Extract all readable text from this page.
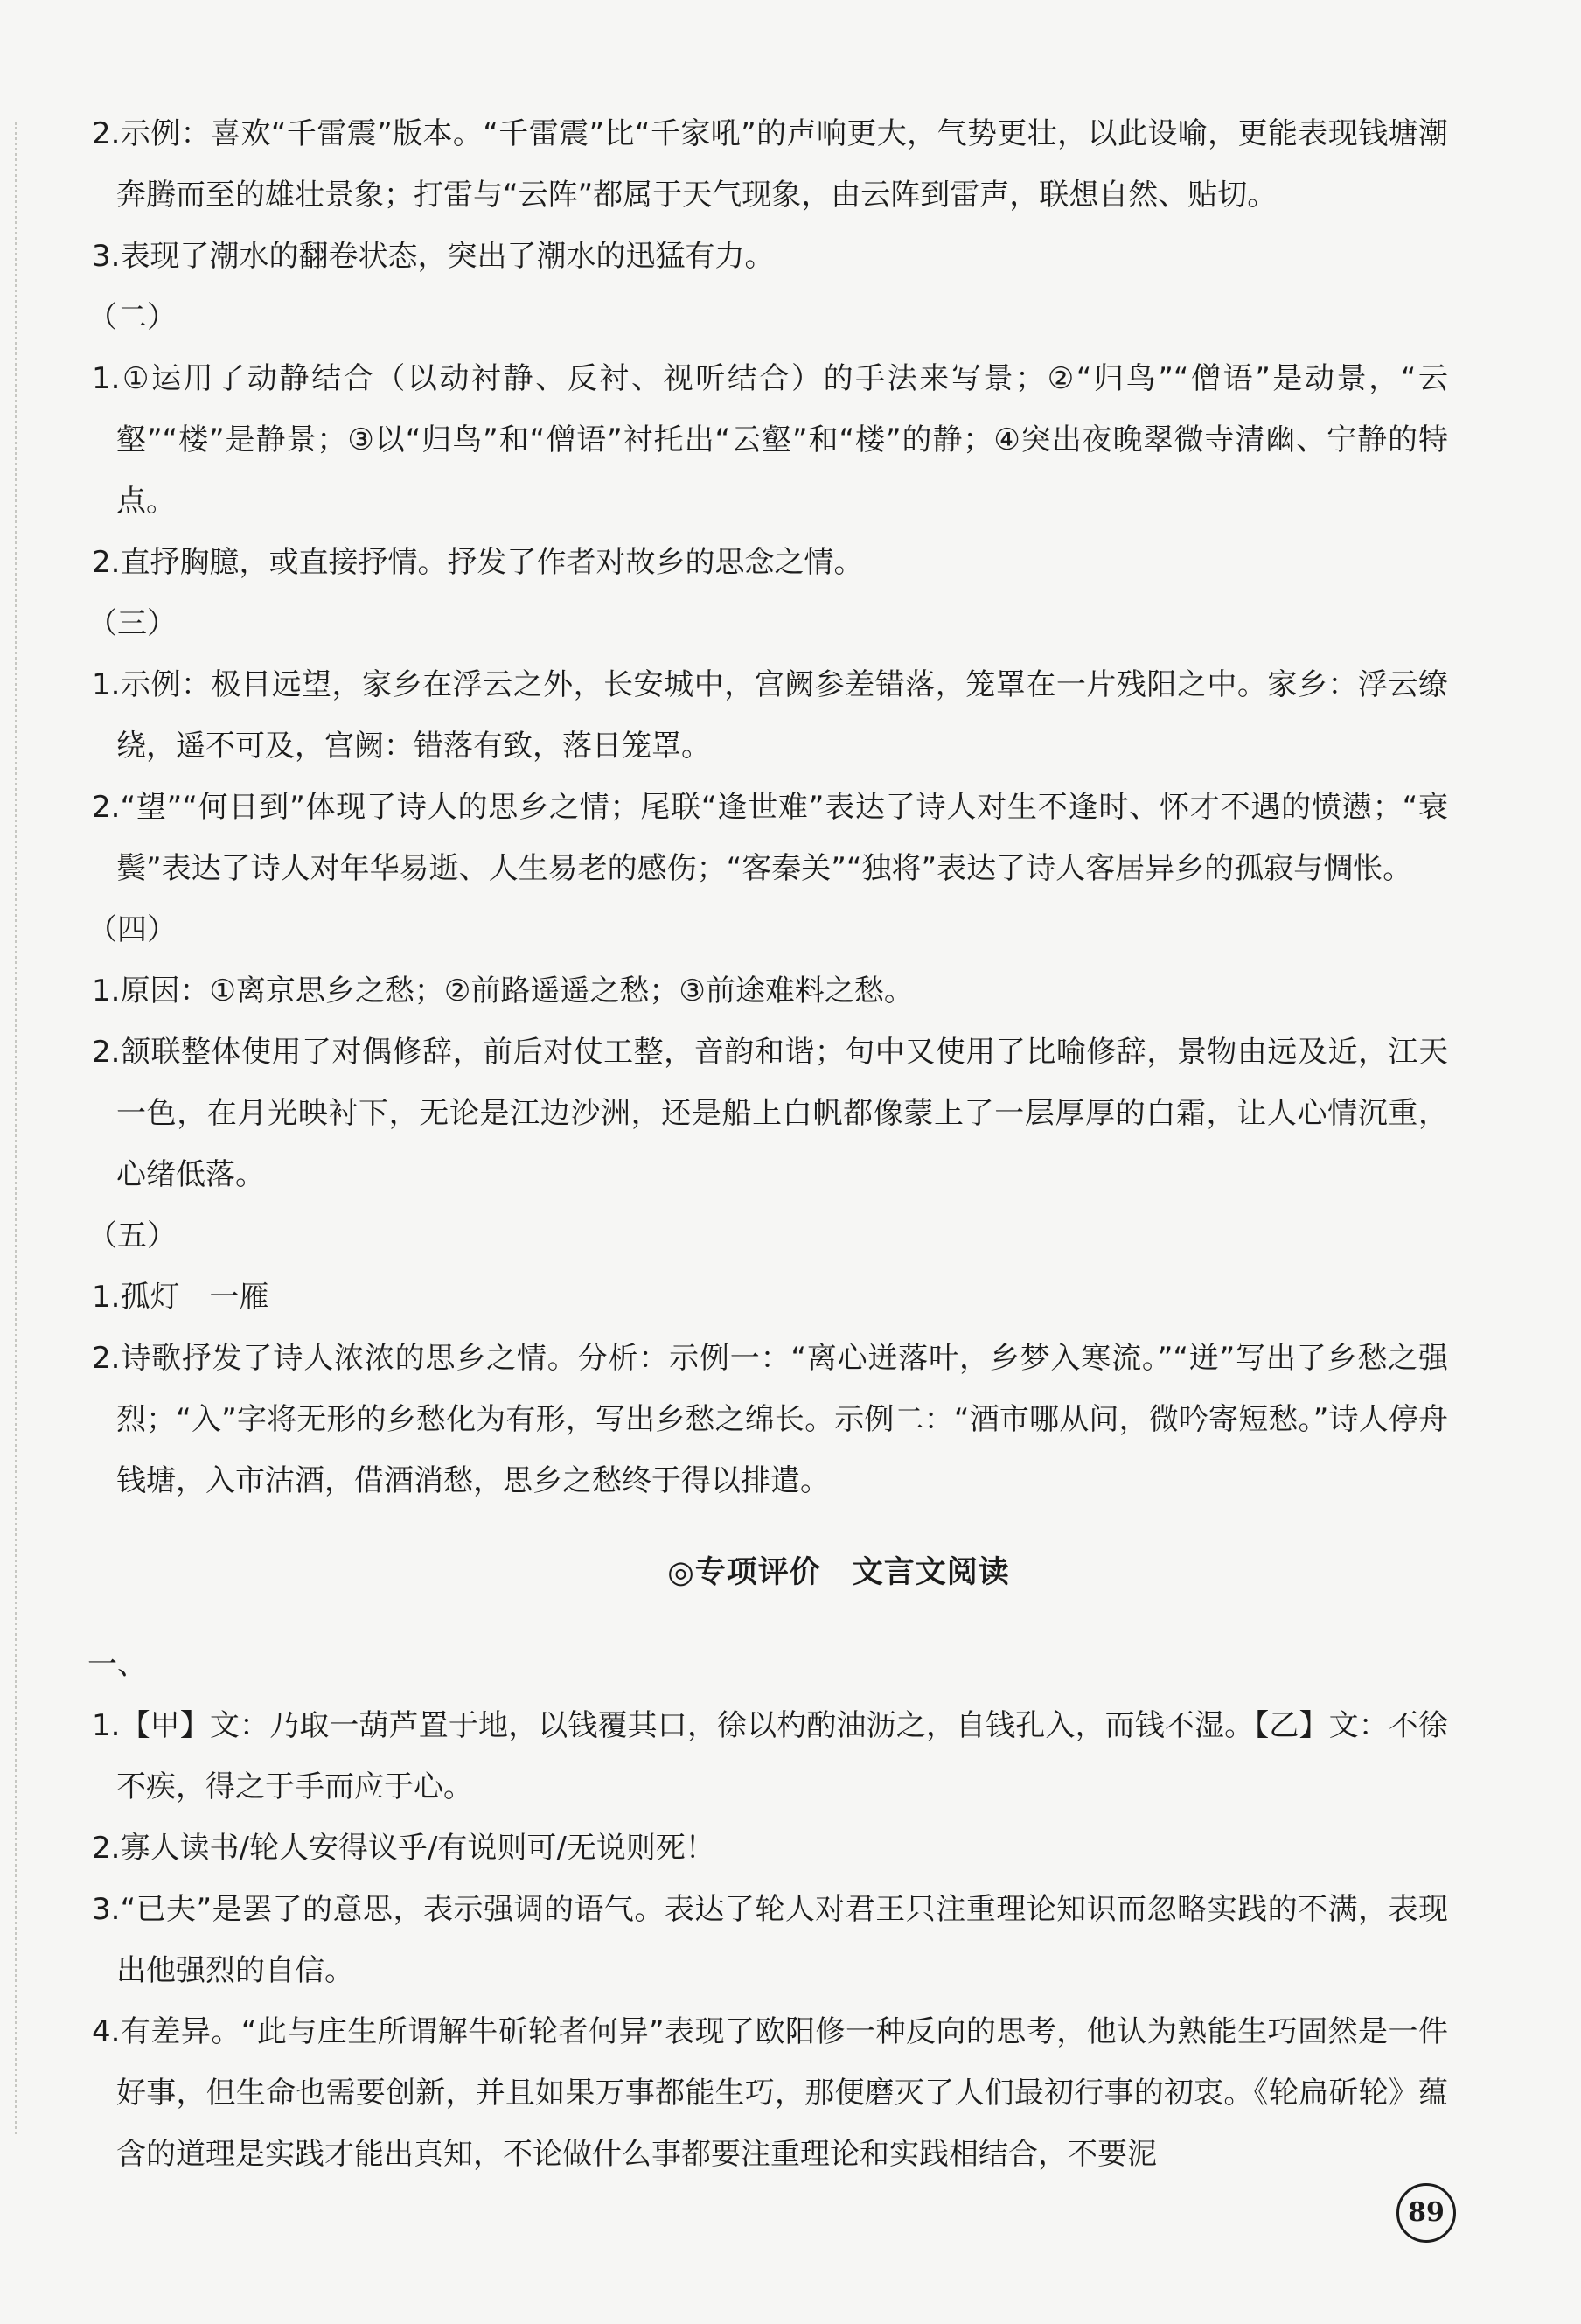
2.示例：喜欢“千雷震”版本。“千雷震”比“千家吼”的声响更大，气势更壮，以此设喻，更能表现钱塘潮奔腾而至的雄壮景象；打雷与“云阵”都属于天气现象，由云阵到雷声，联想自然、贴切。

3.表现了潮水的翻卷状态，突出了潮水的迅猛有力。

（二）

1.①运用了动静结合（以动衬静、反衬、视听结合）的手法来写景；②“归鸟”“僧语”是动景，“云壑”“楼”是静景；③以“归鸟”和“僧语”衬托出“云壑”和“楼”的静；④突出夜晚翠微寺清幽、宁静的特点。

2.直抒胸臆，或直接抒情。抒发了作者对故乡的思念之情。

（三）

1.示例：极目远望，家乡在浮云之外，长安城中，宫阙参差错落，笼罩在一片残阳之中。家乡：浮云缭绕，遥不可及，宫阙：错落有致，落日笼罩。

2.“望”“何日到”体现了诗人的思乡之情；尾联“逢世难”表达了诗人对生不逢时、怀才不遇的愤懑；“衰鬓”表达了诗人对年华易逝、人生易老的感伤；“客秦关”“独将”表达了诗人客居异乡的孤寂与惆怅。

（四）

1.原因：①离京思乡之愁；②前路遥遥之愁；③前途难料之愁。

2.颔联整体使用了对偶修辞，前后对仗工整，音韵和谐；句中又使用了比喻修辞，景物由远及近，江天一色，在月光映衬下，无论是江边沙洲，还是船上白帆都像蒙上了一层厚厚的白霜，让人心情沉重，心绪低落。

（五）

1.孤灯　一雁

2.诗歌抒发了诗人浓浓的思乡之情。分析：示例一：“离心迸落叶，乡梦入寒流。”“迸”写出了乡愁之强烈；“入”字将无形的乡愁化为有形，写出乡愁之绵长。示例二：“酒市哪从问，微吟寄短愁。”诗人停舟钱塘，入市沽酒，借酒消愁，思乡之愁终于得以排遣。

◎专项评价 文言文阅读

一、

1.【甲】文：乃取一葫芦置于地，以钱覆其口，徐以杓酌油沥之，自钱孔入，而钱不湿。【乙】文：不徐不疾，得之于手而应于心。

2.寡人读书/轮人安得议乎/有说则可/无说则死！

3.“已夫”是罢了的意思，表示强调的语气。表达了轮人对君王只注重理论知识而忽略实践的不满，表现出他强烈的自信。

4.有差异。“此与庄生所谓解牛斫轮者何异”表现了欧阳修一种反向的思考，他认为熟能生巧固然是一件好事，但生命也需要创新，并且如果万事都能生巧，那便磨灭了人们最初行事的初衷。《轮扁斫轮》蕴含的道理是实践才能出真知，不论做什么事都要注重理论和实践相结合，不要泥

89
